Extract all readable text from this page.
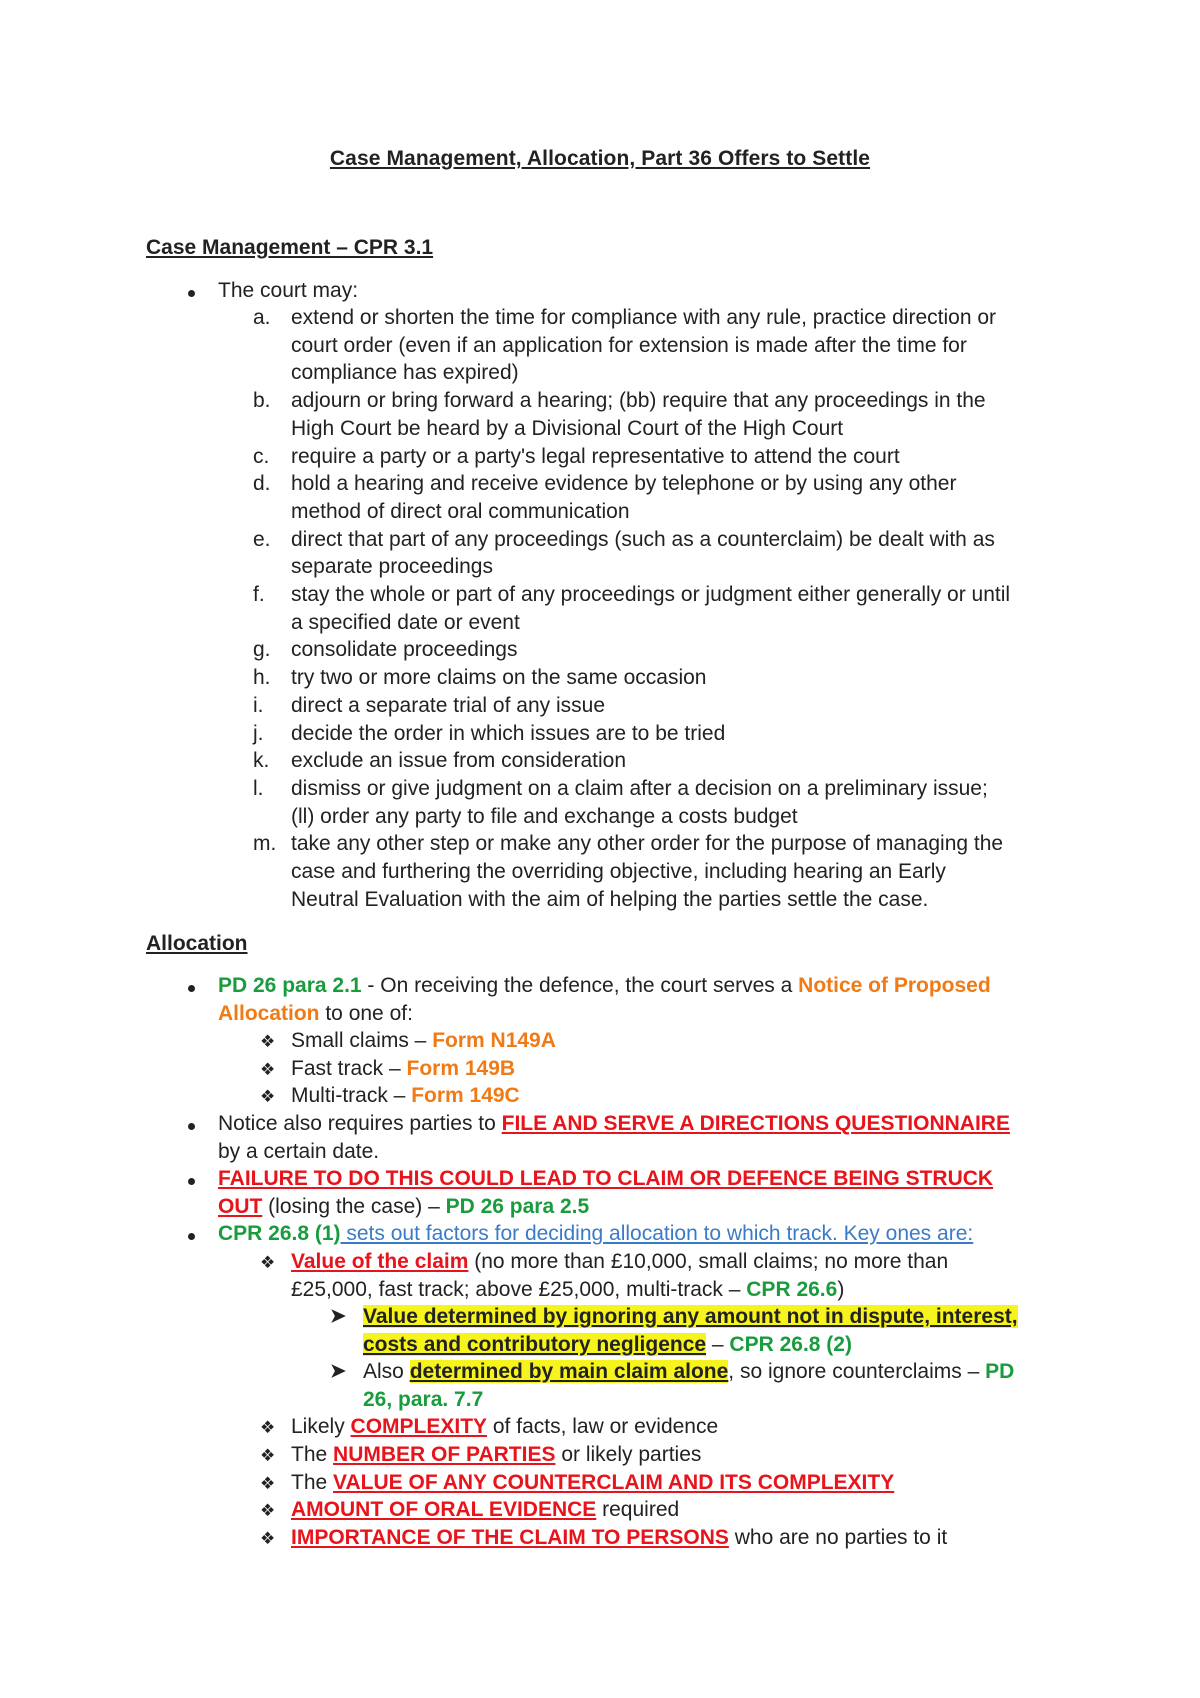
Case Management, Allocation, Part 36 Offers to Settle
Case Management – CPR 3.1
The court may:
Allocation
PD 26 para 2.1 - On receiving the defence, the court serves a Notice of Proposed
Allocation to one of:
❖ Small claims – Form N149A
❖ Fast track – Form 149B
❖ Multi-track – Form 149C
Notice also requires parties to FILE AND SERVE A DIRECTIONS QUESTIONNAIRE
by a certain date.
FAILURE TO DO THIS COULD LEAD TO CLAIM OR DEFENCE BEING STRUCK
OUT (losing the case) – PD 26 para 2.5
CPR 26.8 (1) sets out factors for deciding allocation to which track. Key ones are:
❖ Value of the claim (no more than £10,000, small claims; no more than
£25,000, fast track; above £25,000, multi-track – CPR 26.6)
➤ Value determined by ignoring any amount not in dispute, interest,
costs and contributory negligence – CPR 26.8 (2)
➤ Also determined by main claim alone, so ignore counterclaims – PD
26, para. 7.7
a. extend or shorten the time for compliance with any rule, practice direction or
court order (even if an application for extension is made after the time for
compliance has expired)
b. adjourn or bring forward a hearing; (bb) require that any proceedings in the
High Court be heard by a Divisional Court of the High Court
c. require a party or a party's legal representative to attend the court
d. hold a hearing and receive evidence by telephone or by using any other
method of direct oral communication
e. direct that part of any proceedings (such as a counterclaim) be dealt with as
separate proceedings
f. stay the whole or part of any proceedings or judgment either generally or until
a specified date or event
g. consolidate proceedings
h. try two or more claims on the same occasion
i. direct a separate trial of any issue
j. decide the order in which issues are to be tried
k. exclude an issue from consideration
l. dismiss or give judgment on a claim after a decision on a preliminary issue;
(ll) order any party to file and exchange a costs budget
m. take any other step or make any other order for the purpose of managing the
case and furthering the overriding objective, including hearing an Early
Neutral Evaluation with the aim of helping the parties settle the case.
❖ Likely COMPLEXITY of facts, law or evidence
❖ The NUMBER OF PARTIES or likely parties
❖ The VALUE OF ANY COUNTERCLAIM AND ITS COMPLEXITY
❖ AMOUNT OF ORAL EVIDENCE required
❖ IMPORTANCE OF THE CLAIM TO PERSONS who are no parties to it
